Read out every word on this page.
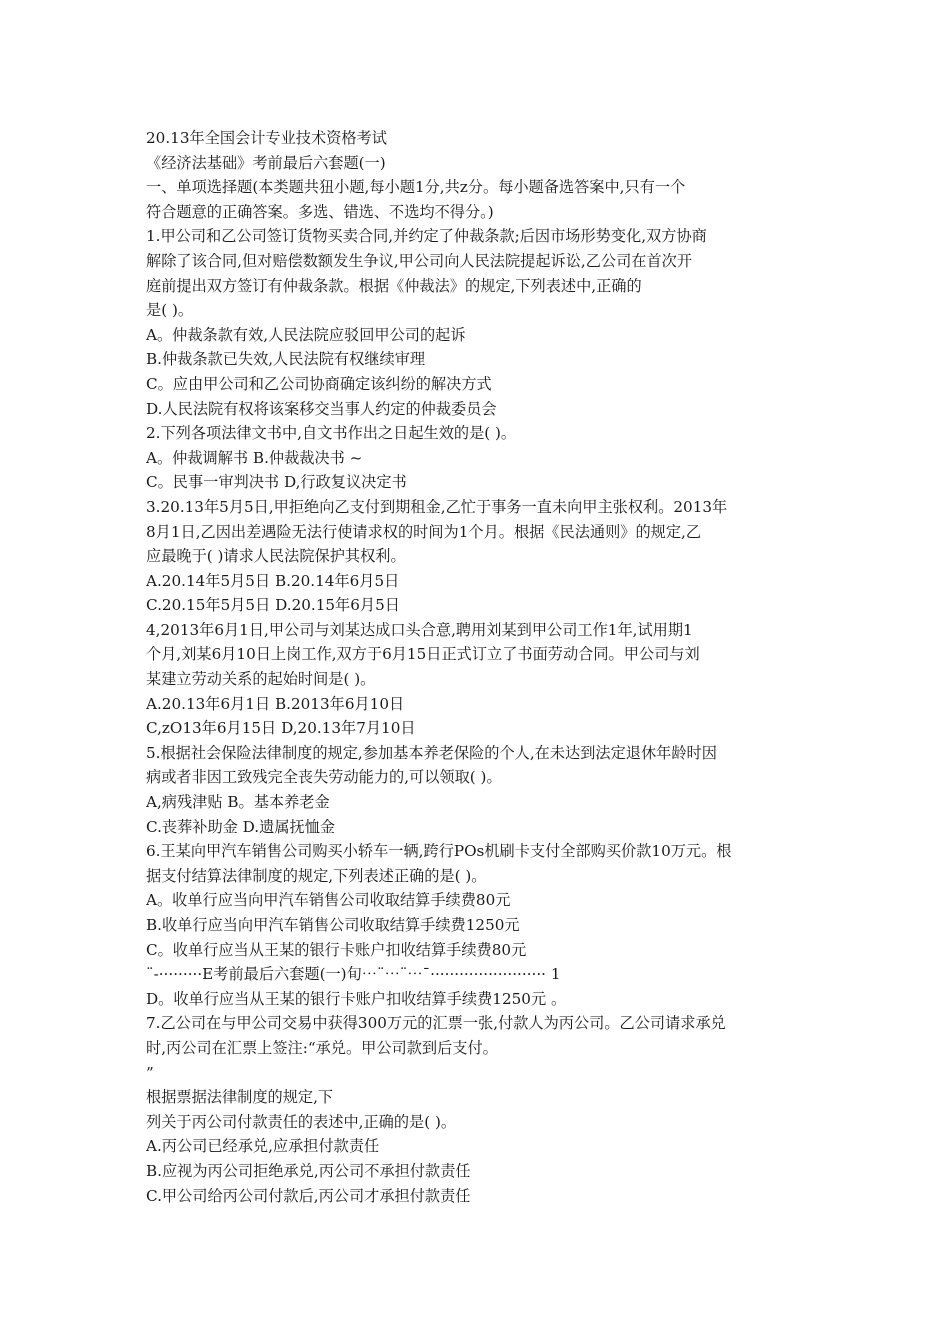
20.13年全国会计专业技术资格考试
《经济法基础》考前最后六套题(一)
一、单项选择题(本类题共狃小题,每小题1分,共z分。每小题备选答案中,只有一个
符合题意的正确答案。多选、错选、不选均不得分。)
1.甲公司和乙公司签订货物买卖合同,并约定了仲裁条款;后因市场形势变化,双方协商
解除了该合同,但对赔偿数额发生争议,甲公司向人民法院提起诉讼,乙公司在首次开
庭前提出双方签订有仲裁条款。根据《仲裁法》的规定,下列表述中,正确的
是( )。
A。仲裁条款有效,人民法院应驳回甲公司的起诉
B.仲裁条款已失效,人民法院有权继续审理
C。应由甲公司和乙公司协商确定该纠纷的解决方式
D.人民法院有权将该案移交当事人约定的仲裁委员会
2.下列各项法律文书中,自文书作出之日起生效的是( )。
A。仲裁调解书 B.仲裁裁决书 ~
C。民事一审判决书 D,行政复议决定书
3.20.13年5月5日,甲拒绝向乙支付到期租金,乙忙于事务一直未向甲主张权利。2013年
8月1日,乙因出差遇险无法行使请求权的时间为1个月。根据《民法通则》的规定,乙
应最晚于( )请求人民法院保护其权利。
A.20.14年5月5日 B.20.14年6月5日
C.20.15年5月5日 D.20.15年6月5日
4,2013年6月1日,甲公司与刘某达成口头合意,聘用刘某到甲公司工作1年,试用期1
个月,刘某6月10日上岗工作,双方于6月15日正式订立了书面劳动合同。甲公司与刘
某建立劳动关系的起始时间是( )。
A.20.13年6月1日 B.2013年6月10日
C,zO13年6月15日 D,20.13年7月10日
5.根据社会保险法律制度的规定,参加基本养老保险的个人,在未达到法定退休年龄时因
病或者非因工致残完全丧失劳动能力的,可以领取( )。
A,病残津贴 B。基本养老金
C.丧葬补助金 D.遗属抚恤金
6.王某向甲汽车销售公司购买小轿车一辆,跨行POs机刷卡支付全部购买价款10万元。根
据支付结算法律制度的规定,下列表述正确的是( )。
A。收单行应当向甲汽车销售公司收取结算手续费80元
B.收单行应当向甲汽车销售公司收取结算手续费1250元
C。收单行应当从王某的银行卡账户扣收结算手续费80元
¨-·········E考前最后六套题(一)旬⋯¨⋯¨⋯¯························ 1
D。收单行应当从王某的银行卡账户扣收结算手续费1250元 。
7.乙公司在与甲公司交易中获得300万元的汇票一张,付款人为丙公司。乙公司请求承兑
时,丙公司在汇票上签注:“承兑。甲公司款到后支付。
”
根据票据法律制度的规定,下
列关于丙公司付款责任的表述中,正确的是( )。
A.丙公司已经承兑,应承担付款责任
B.应视为丙公司拒绝承兑,丙公司不承担付款责任
C.甲公司给丙公司付款后,丙公司才承担付款责任
